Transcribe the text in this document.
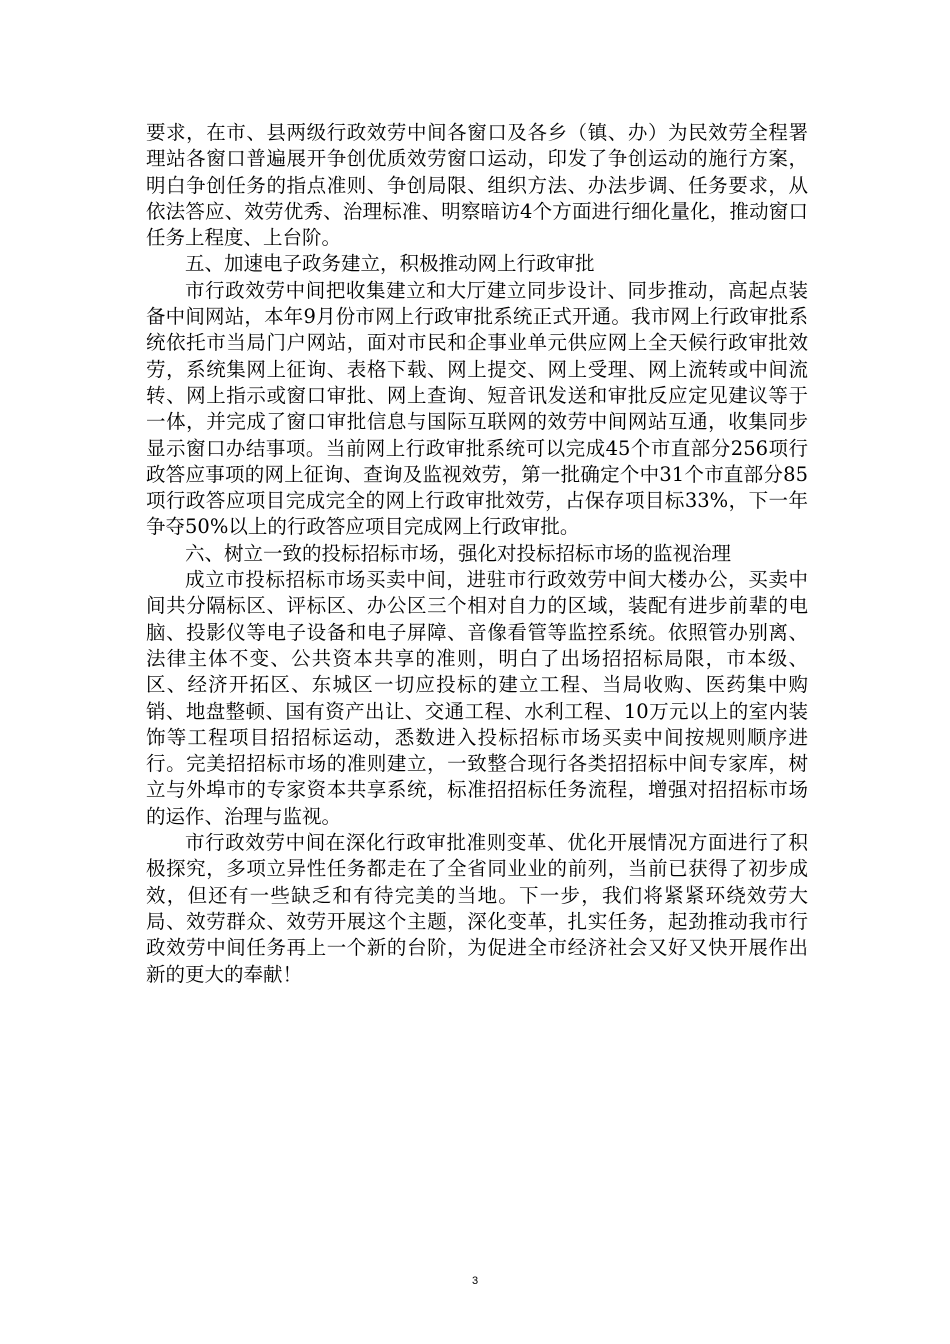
要求，在市、县两级行政效劳中间各窗口及各乡（镇、办）为民效劳全程署理站各窗口普遍展开争创优质效劳窗口运动，印发了争创运动的施行方案，明白争创任务的指点准则、争创局限、组织方法、办法步调、任务要求，从依法答应、效劳优秀、治理标准、明察暗访4个方面进行细化量化，推动窗口任务上程度、上台阶。

五、加速电子政务建立，积极推动网上行政审批

市行政效劳中间把收集建立和大厅建立同步设计、同步推动，高起点装备中间网站，本年9月份市网上行政审批系统正式开通。我市网上行政审批系统依托市当局门户网站，面对市民和企事业单元供应网上全天候行政审批效劳，系统集网上征询、表格下载、网上提交、网上受理、网上流转或中间流转、网上指示或窗口审批、网上查询、短音讯发送和审批反应定见建议等于一体，并完成了窗口审批信息与国际互联网的效劳中间网站互通，收集同步显示窗口办结事项。当前网上行政审批系统可以完成45个市直部分256项行政答应事项的网上征询、查询及监视效劳，第一批确定个中31个市直部分85项行政答应项目完成完全的网上行政审批效劳，占保存项目标33%，下一年争夺50%以上的行政答应项目完成网上行政审批。

六、树立一致的投标招标市场，强化对投标招标市场的监视治理

成立市投标招标市场买卖中间，进驻市行政效劳中间大楼办公，买卖中间共分隔标区、评标区、办公区三个相对自力的区域，装配有进步前辈的电脑、投影仪等电子设备和电子屏障、音像看管等监控系统。依照管办别离、法律主体不变、公共资本共享的准则，明白了出场招招标局限，市本级、区、经济开拓区、东城区一切应投标的建立工程、当局收购、医药集中购销、地盘整顿、国有资产出让、交通工程、水利工程、10万元以上的室内装饰等工程项目招招标运动，悉数进入投标招标市场买卖中间按规则顺序进行。完美招招标市场的准则建立，一致整合现行各类招招标中间专家库，树立与外埠市的专家资本共享系统，标准招招标任务流程，增强对招招标市场的运作、治理与监视。

市行政效劳中间在深化行政审批准则变革、优化开展情况方面进行了积极探究，多项立异性任务都走在了全省同业业的前列，当前已获得了初步成效，但还有一些缺乏和有待完美的当地。下一步，我们将紧紧环绕效劳大局、效劳群众、效劳开展这个主题，深化变革，扎实任务，起劲推动我市行政效劳中间任务再上一个新的台阶，为促进全市经济社会又好又快开展作出新的更大的奉献！

3
